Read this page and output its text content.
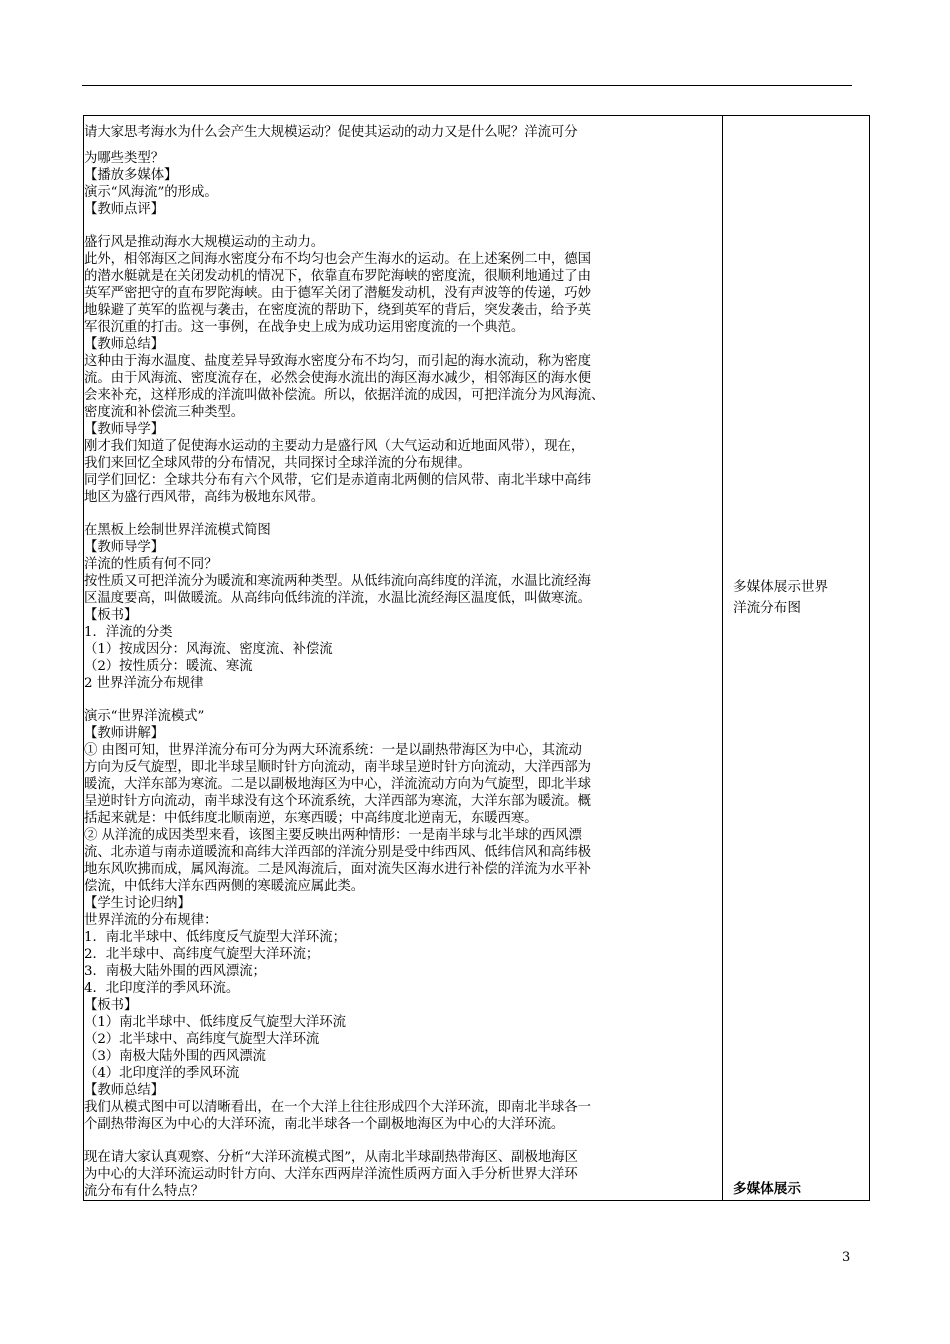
请大家思考海水为什么会产生大规模运动？促使其运动的动力又是什么呢？洋流可分

为哪些类型？

【播放多媒体】

演示“风海流”的形成。

【教师点评】

盛行风是推动海水大规模运动的主动力。

此外，相邻海区之间海水密度分布不均匀也会产生海水的运动。在上述案例二中，德国

的潜水艇就是在关闭发动机的情况下，依靠直布罗陀海峡的密度流，很顺利地通过了由

英军严密把守的直布罗陀海峡。由于德军关闭了潜艇发动机，没有声波等的传递，巧妙

地躲避了英军的监视与袭击，在密度流的帮助下，绕到英军的背后，突发袭击，给予英

军很沉重的打击。这一事例，在战争史上成为成功运用密度流的一个典范。

【教师总结】

这种由于海水温度、盐度差异导致海水密度分布不均匀，而引起的海水流动，称为密度

流。由于风海流、密度流存在，必然会使海水流出的海区海水减少，相邻海区的海水便

会来补充，这样形成的洋流叫做补偿流。所以，依据洋流的成因，可把洋流分为风海流、

密度流和补偿流三种类型。

【教师导学】

刚才我们知道了促使海水运动的主要动力是盛行风（大气运动和近地面风带），现在，

我们来回忆全球风带的分布情况，共同探讨全球洋流的分布规律。

同学们回忆：全球共分布有六个风带，它们是赤道南北两侧的信风带、南北半球中高纬

地区为盛行西风带，高纬为极地东风带。

在黑板上绘制世界洋流模式简图

【教师导学】

洋流的性质有何不同？

按性质又可把洋流分为暖流和寒流两种类型。从低纬流向高纬度的洋流，水温比流经海

区温度要高，叫做暖流。从高纬向低纬流的洋流，水温比流经海区温度低，叫做寒流。

【板书】

1．洋流的分类

（1）按成因分：风海流、密度流、补偿流

（2）按性质分：暖流、寒流

2 世界洋流分布规律

演示“世界洋流模式”

【教师讲解】

① 由图可知，世界洋流分布可分为两大环流系统：一是以副热带海区为中心，其流动

方向为反气旋型，即北半球呈顺时针方向流动，南半球呈逆时针方向流动，大洋西部为

暖流，大洋东部为寒流。二是以副极地海区为中心，洋流流动方向为气旋型，即北半球

呈逆时针方向流动，南半球没有这个环流系统，大洋西部为寒流，大洋东部为暖流。概

括起来就是：中低纬度北顺南逆，东寒西暖；中高纬度北逆南无，东暖西寒。

② 从洋流的成因类型来看，该图主要反映出两种情形：一是南半球与北半球的西风漂

流、北赤道与南赤道暖流和高纬大洋西部的洋流分别是受中纬西风、低纬信风和高纬极

地东风吹拂而成，属风海流。二是风海流后，面对流失区海水进行补偿的洋流为水平补

偿流，中低纬大洋东西两侧的寒暖流应属此类。

【学生讨论归纳】

世界洋流的分布规律：

1．南北半球中、低纬度反气旋型大洋环流；

2．北半球中、高纬度气旋型大洋环流；

3．南极大陆外围的西风漂流；

4．北印度洋的季风环流。

【板书】

（1）南北半球中、低纬度反气旋型大洋环流

（2）北半球中、高纬度气旋型大洋环流

（3）南极大陆外围的西风漂流

（4）北印度洋的季风环流

【教师总结】

我们从模式图中可以清晰看出，在一个大洋上往往形成四个大洋环流，即南北半球各一

个副热带海区为中心的大洋环流，南北半球各一个副极地海区为中心的大洋环流。

现在请大家认真观察、分析“大洋环流模式图”，从南北半球副热带海区、副极地海区

为中心的大洋环流运动时针方向、大洋东西两岸洋流性质两方面入手分析世界大洋环

流分布有什么特点？

多媒体展示世界
洋流分布图
多媒体展示
3
